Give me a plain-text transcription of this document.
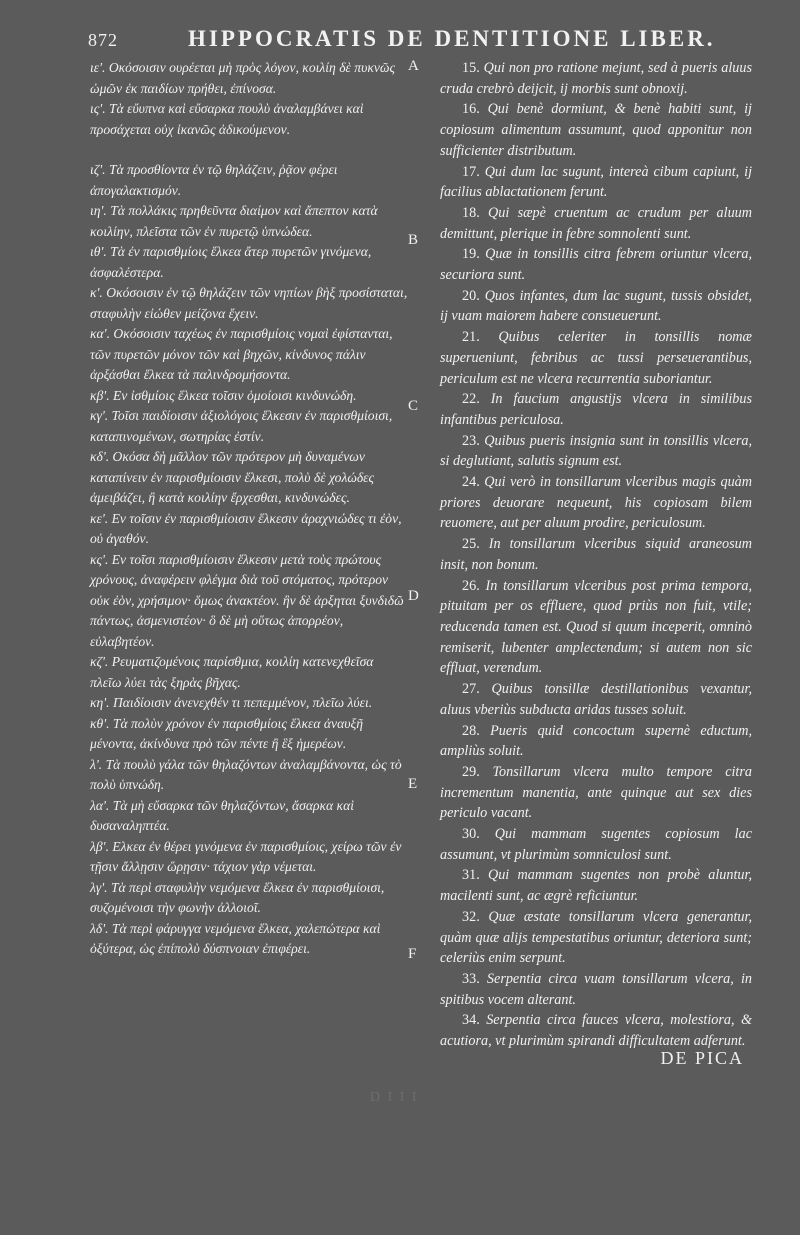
872	HIPPOCRATIS DE DENTITIONE LIBER.

ιε'. Οκόσοισιν ουρέεται μὴ πρὸς λόγον, κοιλίη δὲ πυκνῶς ὠμῶν ἐκ παιδίων πρήθει, ἐπίνοσα.

ις'. Τὰ εὔυπνα καὶ εὔσαρκα πουλὺ ἀναλαμβάνει καὶ προσάχεται οὐχ ἱκανῶς ἀδικούμενον.

ιζ'. Τὰ προσθίοντα ἐν τῷ θηλάζειν, ῥᾷον φέρει ἀπογαλακτισμόν.

ιη'. Τὰ πολλάκις πρηθεῦντα διαίμον καὶ ἄπεπτον κατὰ κοιλίην, πλεῖστα τῶν ἐν πυρετῷ ὑπνώδεα.

ιθ'. Τὰ ἐν παρισθμίοις ἕλκεα ἄτερ πυρετῶν γινόμενα, ἀσφαλέστερα.

κ'. Οκόσοισιν ἐν τῷ θηλάζειν τῶν νηπίων βὴξ προσίσταται, σταφυλὴν εἰώθεν μείζονα ἔχειν.

κα'. Οκόσοισιν ταχέως ἐν παρισθμίοις νομαὶ ἐφίστανται, τῶν πυρετῶν μόνον τῶν καὶ βηχῶν, κίνδυνος πάλιν ἀρξάσθαι ἕλκεα τὰ παλινδρομήσοντα.

κβ'. Εν ἰσθμίοις ἕλκεα τοῖσιν ὁμοίοισι κινδυνώδη.

κγ'. Τοῖσι παιδίοισιν ἀξιολόγοις ἕλκεσιν ἐν παρισθμίοισι, καταπινομένων, σωτηρίας ἐστίν.

κδ'. Οκόσα δὴ μᾶλλον τῶν πρότερον μὴ δυναμένων καταπίνειν ἐν παρισθμίοισιν ἕλκεσι, πολὺ δὲ χολώδες ἀμειβάζει, ἢ κατὰ κοιλίην ἔρχεσθαι, κινδυνώδες.

κε'. Εν τοῖσιν ἐν παρισθμίοισιν ἕλκεσιν ἀραχνιώδες τι ἐὸν, οὐ ἀγαθόν.

κς'. Εν τοῖσι παρισθμίοισιν ἕλκεσιν μετὰ τοὺς πρώτους χρόνους, ἀναφέρειν φλέγμα διὰ τοῦ στόματος, πρότερον οὐκ ἐὸν, χρήσιμον· ὅμως ἀνακτέον. ἢν δὲ ἀρξηται ξυνδιδῶ πάντως, ἀσμενιστέον· ὃ δὲ μὴ οὕτως ἀπορρέον, εὐλαβητέον.

κζ'. Ρευματιζομένοις παρίσθμια, κοιλίη κατενεχθεῖσα πλεῖω λύει τὰς ξηρὰς βῆχας.

κη'. Παιδίοισιν ἀνενεχθέν τι πεπεμμένον, πλεῖω λύει.

κθ'. Τὰ πολὺν χρόνον ἐν παρισθμίοις ἕλκεα ἀναυξῆ μένοντα, ἀκίνδυνα πρὸ τῶν πέντε ἢ ἓξ ἡμερέων.

λ'. Τὰ πουλὺ γάλα τῶν θηλαζόντων ἀναλαμβάνοντα, ὡς τὸ πολὺ ὑπνώδη.

λα'. Τὰ μὴ εὔσαρκα τῶν θηλαζόντων, ἄσαρκα καὶ δυσαναληπτέα.

λβ'. Ελκεα ἐν θέρει γινόμενα ἐν παρισθμίοις, χείρω τῶν ἐν τῇσιν ἄλλῃσιν ὥρῃσιν· τάχιον γὰρ νέμεται.

λγ'. Τὰ περὶ σταφυλὴν νεμόμενα ἕλκεα ἐν παρισθμίοισι, συζομένοισι τὴν φωνὴν ἀλλοιοῖ.

λδ'. Τὰ περὶ φάρυγγα νεμόμενα ἕλκεα, χαλεπώτερα καὶ ὀξύτερα, ὡς ἐπίπολὺ δύσπνοιαν ἐπιφέρει.

15. Qui non pro ratione mejunt, sed à pueris aluus cruda crebrò deijcit, ij morbis sunt obnoxij.

16. Qui benè dormiunt, & benè habiti sunt, ij copiosum alimentum assumunt, quod apponitur non sufficienter distributum.

17. Qui dum lac sugunt, intereà cibum capiunt, ij facilius ablactationem ferunt.

18. Qui sæpè cruentum ac crudum per aluum demittunt, plerique in febre somnolenti sunt.

19. Quæ in tonsillis citra febrem oriuntur vlcera, securiora sunt.

20. Quos infantes, dum lac sugunt, tussis obsidet, ij vuam maiorem habere consueuerunt.

21. Quibus celeriter in tonsillis nomæ superueniunt, febribus ac tussi perseuerantibus, periculum est ne vlcera recurrentia suboriantur.

22. In faucium angustijs vlcera in similibus infantibus periculosa.

23. Quibus pueris insignia sunt in tonsillis vlcera, si deglutiant, salutis signum est.

24. Qui verò in tonsillarum vlceribus magis quàm priores deuorare nequeunt, his copiosam bilem reuomere, aut per aluum prodire, periculosum.

25. In tonsillarum vlceribus siquid araneosum insit, non bonum.

26. In tonsillarum vlceribus post prima tempora, pituitam per os effluere, quod priùs non fuit, vtile; reducenda tamen est. Quod si quum inceperit, omninò remiserit, lubenter amplectendum; si autem non sic effluat, verendum.

27. Quibus tonsillæ destillationibus vexantur, aluus vberiùs subducta aridas tusses soluit.

28. Pueris quid concoctum supernè eductum, ampliùs soluit.

29. Tonsillarum vlcera multo tempore citra incrementum manentia, ante quinque aut sex dies periculo vacant.

30. Qui mammam sugentes copiosum lac assumunt, vt plurimùm somniculosi sunt.

31. Qui mammam sugentes non probè aluntur, macilenti sunt, ac ægrè reficiuntur.

32. Quæ æstate tonsillarum vlcera generantur, quàm quæ alijs tempestatibus oriuntur, deteriora sunt; celeriùs enim serpunt.

33. Serpentia circa vuam tonsillarum vlcera, in spitibus vocem alterant.

34. Serpentia circa fauces vlcera, molestiora, & acutiora, vt plurimùm spirandi difficultatem adferunt.

A
B
C
D
E
F
DE PICA
D I I I
